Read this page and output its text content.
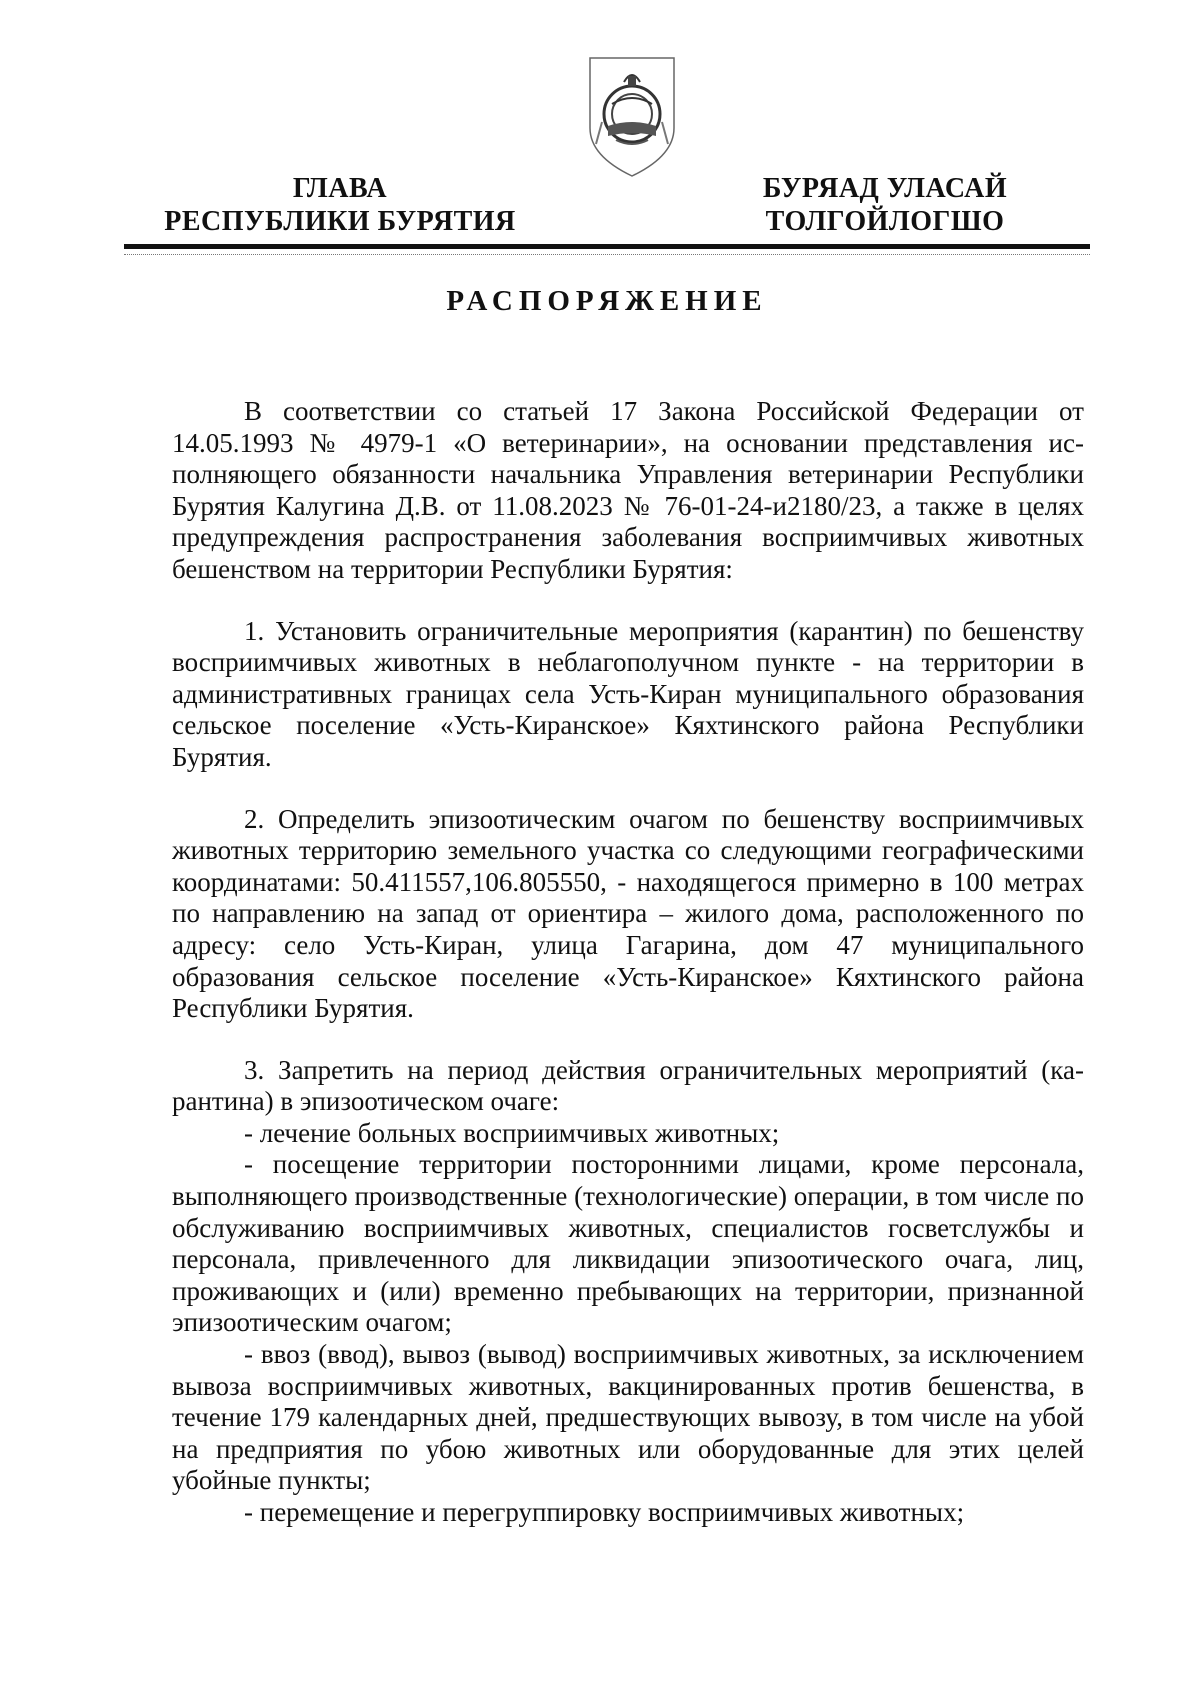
ГЛАВА
РЕСПУБЛИКИ БУРЯТИЯ
БУРЯАД УЛАСАЙ
ТОЛГОЙЛОГШО
РАСПОРЯЖЕНИЕ

В соответствии со статьей 17 Закона Российской Федерации от 14.05.1993 № 4979-1 «О ветеринарии», на основании представления исполняющего обязанности начальника Управления ветеринарии Республики Бурятия Калугина Д.В. от 11.08.2023 № 76-01-24-и2180/23, а также в целях предупреждения распространения заболевания восприимчивых животных бешенством на территории Республики Бурятия:

1. Установить ограничительные мероприятия (карантин) по бешенству восприимчивых животных в неблагополучном пункте - на территории в административных границах села Усть-Киран муниципального образования сельское поселение «Усть-Киранское» Кяхтинского района Республики Бурятия.

2. Определить эпизоотическим очагом по бешенству восприимчивых животных территорию земельного участка со следующими географическими координатами: 50.411557,106.805550, - находящегося примерно в 100 метрах по направлению на запад от ориентира – жилого дома, расположенного по адресу: село Усть-Киран, улица Гагарина, дом 47 муниципального образования сельское поселение «Усть-Киранское» Кяхтинского района Республики Бурятия.

3. Запретить на период действия ограничительных мероприятий (карантина) в эпизоотическом очаге:

- лечение больных восприимчивых животных;

- посещение территории посторонними лицами, кроме персонала, выполняющего производственные (технологические) операции, в том числе по обслуживанию восприимчивых животных, специалистов госветслужбы и персонала, привлеченного для ликвидации эпизоотического очага, лиц, проживающих и (или) временно пребывающих на территории, признанной эпизоотическим очагом;

- ввоз (ввод), вывоз (вывод) восприимчивых животных, за исключением вывоза восприимчивых животных, вакцинированных против бешенства, в течение 179 календарных дней, предшествующих вывозу, в том числе на убой на предприятия по убою животных или оборудованные для этих целей убойные пункты;

- перемещение и перегруппировку восприимчивых животных;
